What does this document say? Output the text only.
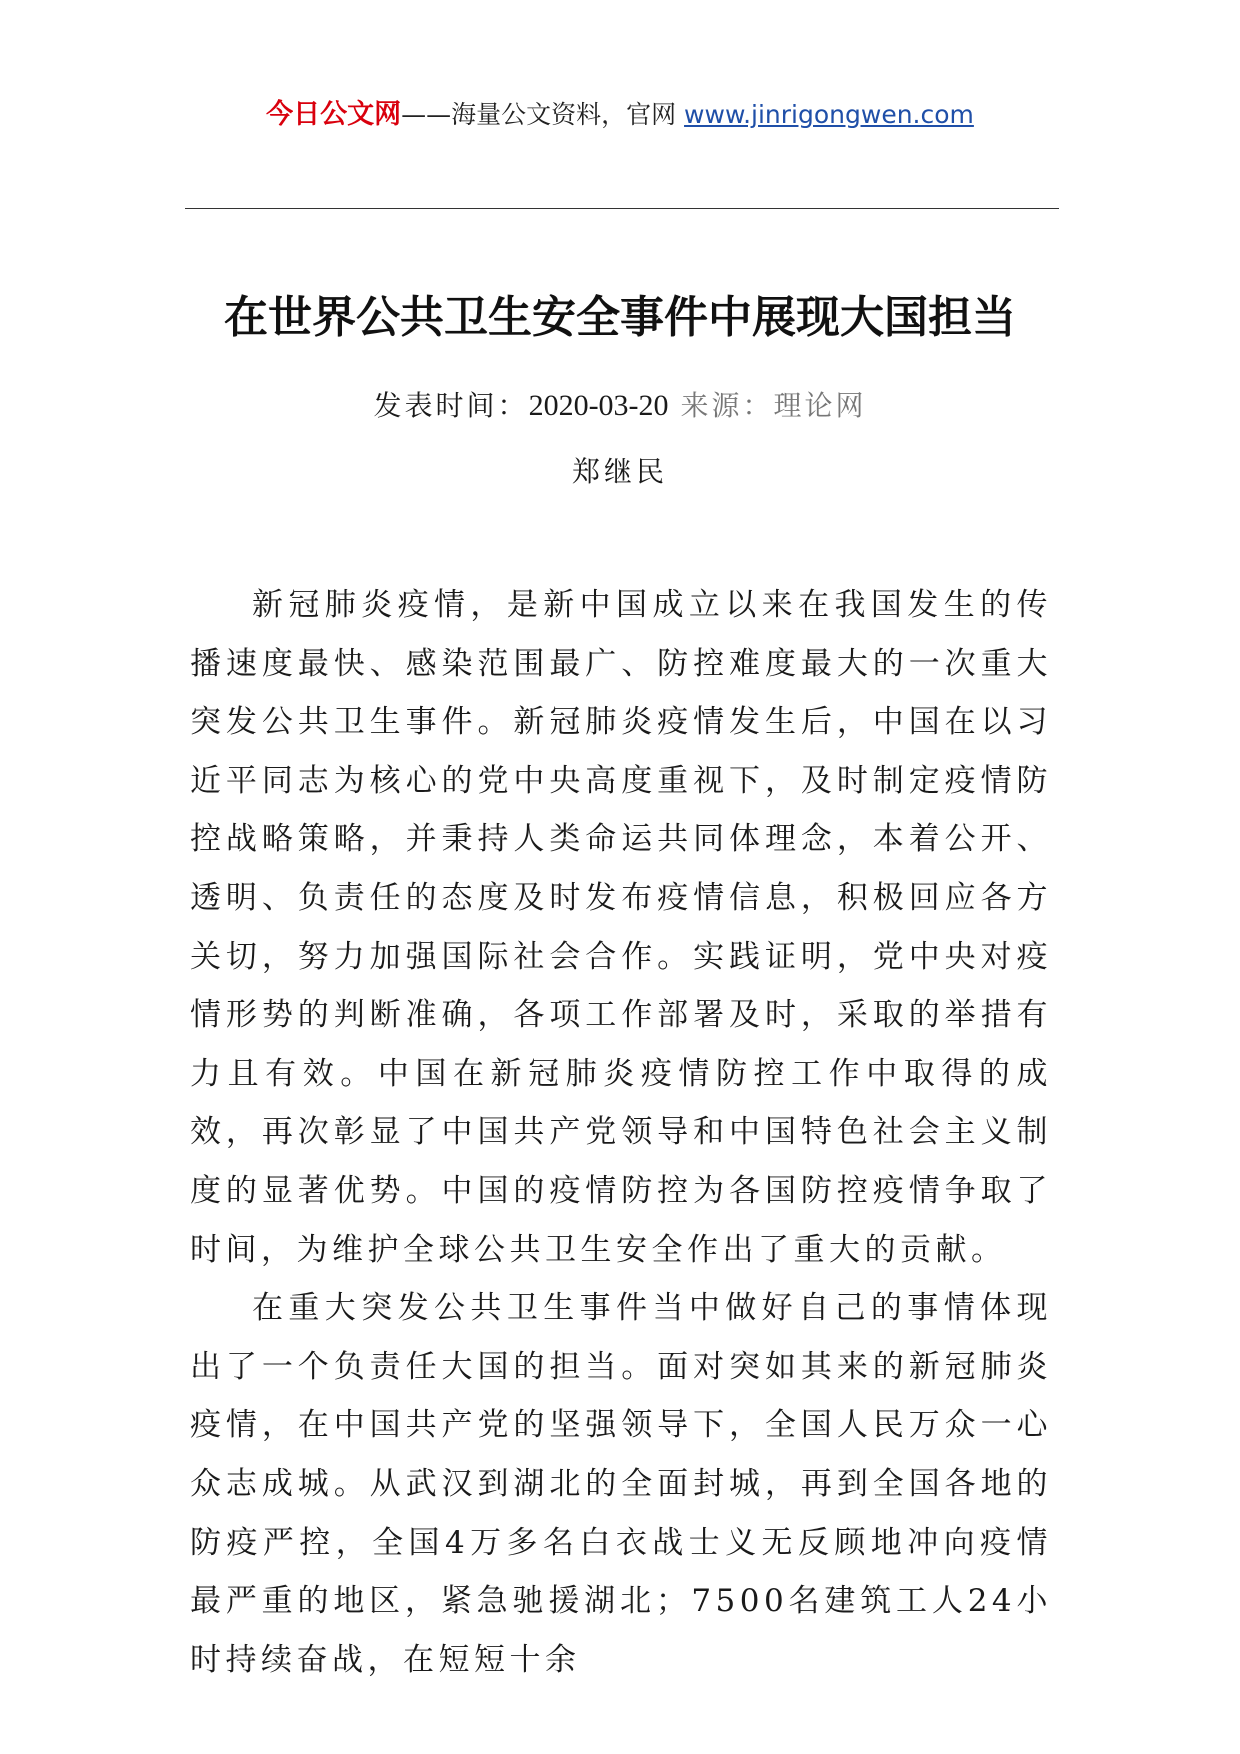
今日公文网——海量公文资料，官网 www.jinrigongwen.com
在世界公共卫生安全事件中展现大国担当
发表时间：2020-03-20 来源：理论网
郑继民

新冠肺炎疫情，是新中国成立以来在我国发生的传播速度最快、感染范围最广、防控难度最大的一次重大突发公共卫生事件。新冠肺炎疫情发生后，中国在以习近平同志为核心的党中央高度重视下，及时制定疫情防控战略策略，并秉持人类命运共同体理念，本着公开、透明、负责任的态度及时发布疫情信息，积极回应各方关切，努力加强国际社会合作。实践证明，党中央对疫情形势的判断准确，各项工作部署及时，采取的举措有力且有效。中国在新冠肺炎疫情防控工作中取得的成效，再次彰显了中国共产党领导和中国特色社会主义制度的显著优势。中国的疫情防控为各国防控疫情争取了时间，为维护全球公共卫生安全作出了重大的贡献。

在重大突发公共卫生事件当中做好自己的事情体现出了一个负责任大国的担当。面对突如其来的新冠肺炎疫情，在中国共产党的坚强领导下，全国人民万众一心众志成城。从武汉到湖北的全面封城，再到全国各地的防疫严控，全国4万多名白衣战士义无反顾地冲向疫情最严重的地区，紧急驰援湖北；7500名建筑工人24小时持续奋战，在短短十余
